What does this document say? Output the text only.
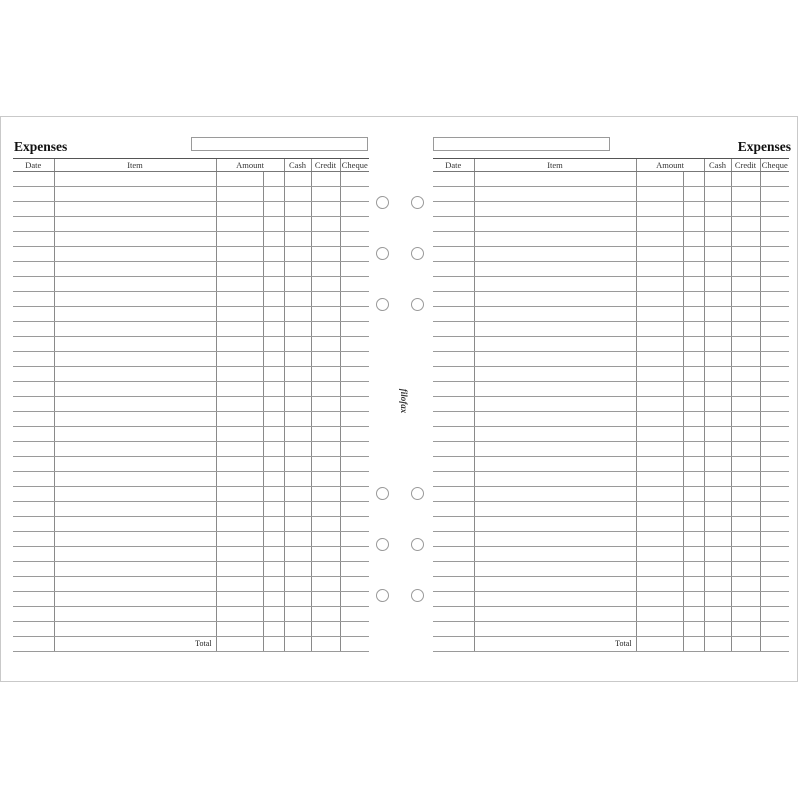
Expenses
Date	Item	Amount		Cash	Credit	Cheque

	Total					
filofax
Expenses
Date	Item	Amount		Cash	Credit	Cheque

	Total					
